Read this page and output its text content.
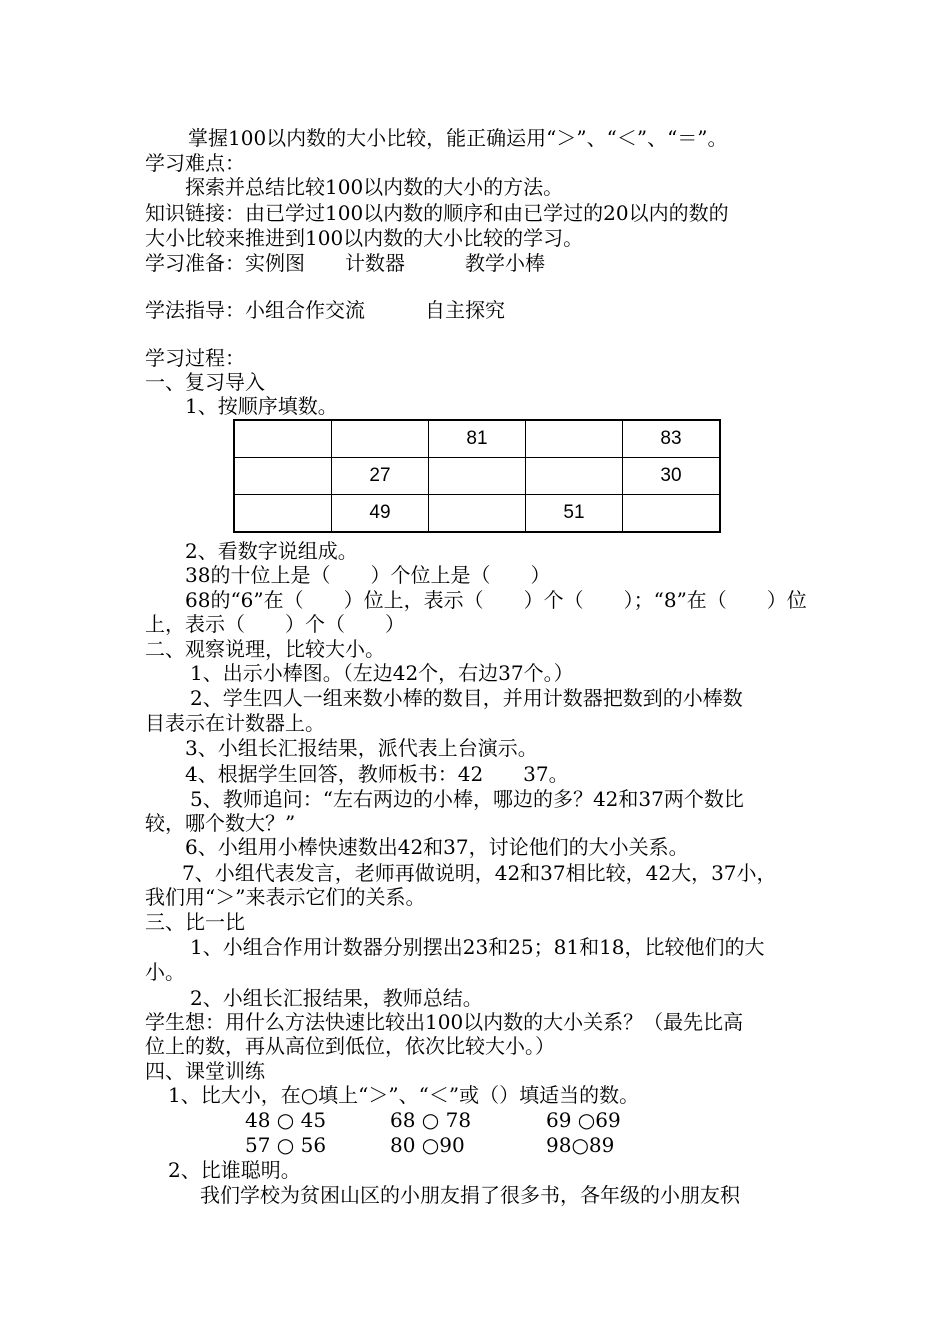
掌握100以内数的大小比较，能正确运用“＞”、“＜”、“＝”。
学习难点：
探索并总结比较100以内数的大小的方法。
知识链接：由已学过100以内数的顺序和由已学过的20以内的数的
大小比较来推进到100以内数的大小比较的学习。
学习准备：实例图　　计数器　　　教学小棒
学法指导：小组合作交流　　　自主探究
学习过程：
一、复习导入
1、按顺序填数。
		81		83
	27			30
	49		51	
2、看数字说组成。
38的十位上是（　　）个位上是（　　）
68的“6”在（　　）位上，表示（　　）个（　　）；“8”在（　　）位
上，表示（　　）个（　　）
二、观察说理，比较大小。
1、出示小棒图。（左边42个，右边37个。）
2、学生四人一组来数小棒的数目，并用计数器把数到的小棒数
目表示在计数器上。
3、小组长汇报结果，派代表上台演示。
4、根据学生回答，教师板书：42　　37。
5、教师追问：“左右两边的小棒，哪边的多？42和37两个数比
较，哪个数大？”
6、小组用小棒快速数出42和37，讨论他们的大小关系。
7、小组代表发言，老师再做说明，42和37相比较，42大，37小，
我们用“＞”来表示它们的关系。
三、比一比
1、小组合作用计数器分别摆出23和25；81和18，比较他们的大
小。
2、小组长汇报结果，教师总结。
学生想：用什么方法快速比较出100以内数的大小关系？（最先比高
位上的数，再从高位到低位，依次比较大小。）
四、课堂训练
1、比大小，在○填上“＞”、“＜”或（）填适当的数。
48 ○ 45	68 ○ 78	69 ○69
57 ○ 56	80 ○90	98○89
2、比谁聪明。
我们学校为贫困山区的小朋友捐了很多书，各年级的小朋友积
